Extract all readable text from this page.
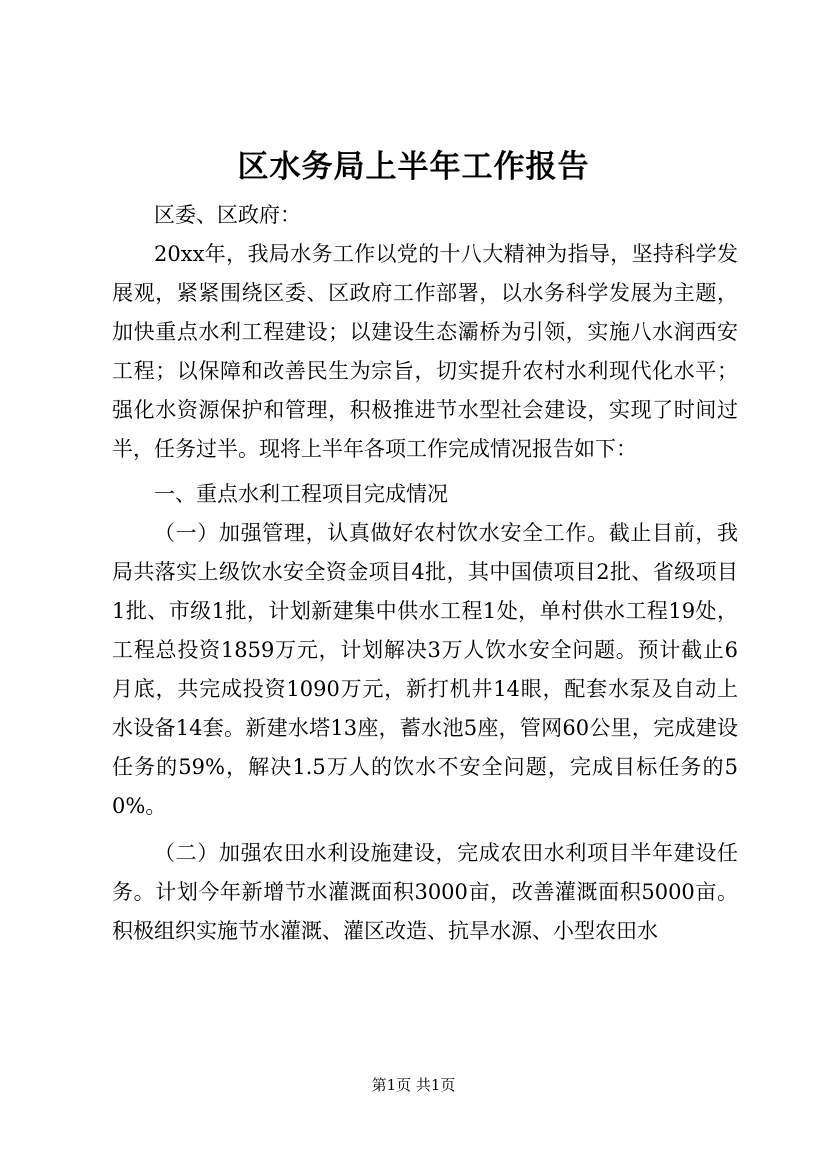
区水务局上半年工作报告

区委、区政府：

20xx年，我局水务工作以党的十八大精神为指导，坚持科学发展观，紧紧围绕区委、区政府工作部署，以水务科学发展为主题，加快重点水利工程建设；以建设生态灞桥为引领，实施八水润西安工程；以保障和改善民生为宗旨，切实提升农村水利现代化水平；强化水资源保护和管理，积极推进节水型社会建设，实现了时间过半，任务过半。现将上半年各项工作完成情况报告如下：

一、重点水利工程项目完成情况

（一）加强管理，认真做好农村饮水安全工作。截止目前，我局共落实上级饮水安全资金项目4批，其中国债项目2批、省级项目1批、市级1批，计划新建集中供水工程1处，单村供水工程19处，工程总投资1859万元，计划解决3万人饮水安全问题。预计截止6月底，共完成投资1090万元，新打机井14眼，配套水泵及自动上水设备14套。新建水塔13座，蓄水池5座，管网60公里，完成建设任务的59%，解决1.5万人的饮水不安全问题，完成目标任务的50%。

（二）加强农田水利设施建设，完成农田水利项目半年建设任务。计划今年新增节水灌溉面积3000亩，改善灌溉面积5000亩。积极组织实施节水灌溉、灌区改造、抗旱水源、小型农田水

第1页 共1页
